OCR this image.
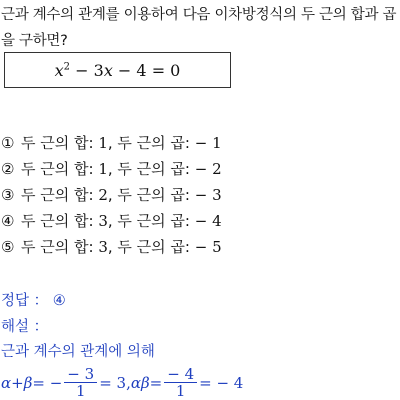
근과 계수의 관계를 이용하여 다음 이차방정식의 두 근의 합과 곱을 구하면?
$x^2 - 3x - 4 = 0$
① 두 근의 합: 1, 두 근의 곱: − 1
② 두 근의 합: 1, 두 근의 곱: − 2
③ 두 근의 합: 2, 두 근의 곱: − 3
④ 두 근의 합: 3, 두 근의 곱: − 4
⑤ 두 근의 합: 3, 두 근의 곱: − 5
정답 ： ④
해설 ：
근과 계수의 관계에 의해
α + β = − $\frac{- 3}{1} = 3$, $\alpha\beta = \frac{- 4}{1}$ = − 4
